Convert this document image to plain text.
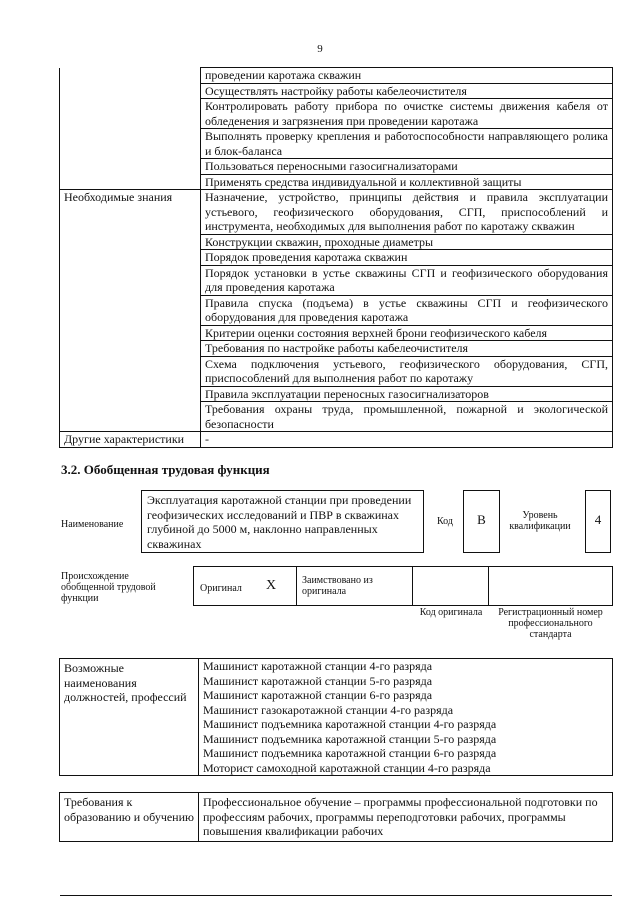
9
	проведении каротажа скважин
	Осуществлять настройку работы кабелеочистителя
	Контролировать работу прибора по очистке системы движения кабеля от обледенения и загрязнения при проведении каротажа
	Выполнять проверку крепления и работоспособности направляющего ролика и блок-баланса
	Пользоваться переносными газосигнализаторами
	Применять средства индивидуальной и коллективной защиты
Необходимые знания	Назначение, устройство, принципы действия и правила эксплуатации устьевого, геофизического оборудования, СГП, приспособлений и инструмента, необходимых для выполнения работ по каротажу скважин
	Конструкции скважин, проходные диаметры
	Порядок проведения каротажа скважин
	Порядок установки в устье скважины СГП и геофизического оборудования для проведения каротажа
	Правила спуска (подъема) в устье скважины СГП и геофизического оборудования для проведения каротажа
	Критерии оценки состояния верхней брони геофизического кабеля
	Требования по настройке работы кабелеочистителя
	Схема подключения устьевого, геофизического оборудования, СГП, приспособлений для выполнения работ по каротажу
	Правила эксплуатации переносных газосигнализаторов
	Требования охраны труда, промышленной, пожарной и экологической безопасности
Другие характеристики	-
3.2. Обобщенная трудовая функция
Наименование
Эксплуатация каротажной станции при проведении геофизических исследований и ПВР в скважинах глубиной до 5000 м, наклонно направленных скважинах
Код	B	Уровень квалификации	4
Происхождение обобщенной трудовой функции
Оригинал X	Заимствовано из оригинала
Код оригинала	Регистрационный номер профессионального стандарта
Возможные наименования должностей, профессий	Машинист каротажной станции 4-го разряда
Машинист каротажной станции 5-го разряда
Машинист каротажной станции 6-го разряда
Машинист газокаротажной станции 4-го разряда
Машинист подъемника каротажной станции 4-го разряда
Машинист подъемника каротажной станции 5-го разряда
Машинист подъемника каротажной станции 6-го разряда
Моторист самоходной каротажной станции 4-го разряда
Требования к образованию и обучению	Профессиональное обучение – программы профессиональной подготовки по профессиям рабочих, программы переподготовки рабочих, программы повышения квалификации рабочих
